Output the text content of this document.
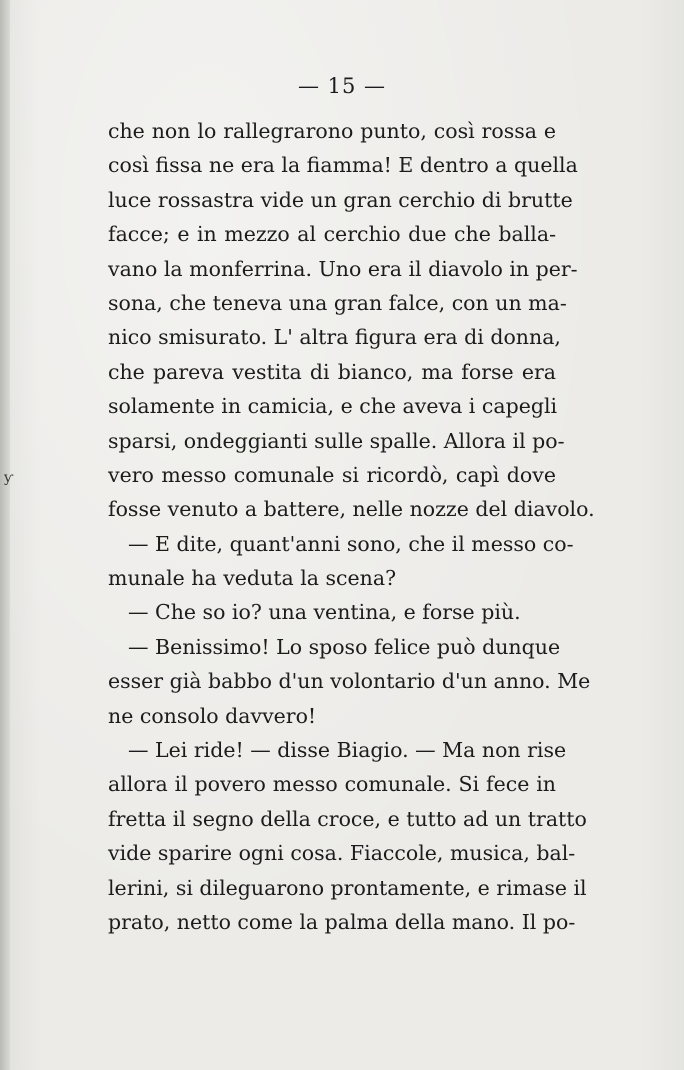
ƴ
— 15 —
che non lo rallegrarono punto, così rossa e
così fissa ne era la fiamma! E dentro a quella
luce rossastra vide un gran cerchio di brutte
facce; e in mezzo al cerchio due che balla-
vano la monferrina. Uno era il diavolo in per-
sona, che teneva una gran falce, con un ma-
nico smisurato. L' altra figura era di donna,
che pareva vestita di bianco, ma forse era
solamente in camicia, e che aveva i capegli
sparsi, ondeggianti sulle spalle. Allora il po-
vero messo comunale si ricordò, capì dove
fosse venuto a battere, nelle nozze del diavolo.
— E dite, quant'anni sono, che il messo co-
munale ha veduta la scena?
— Che so io? una ventina, e forse più.
— Benissimo! Lo sposo felice può dunque
esser già babbo d'un volontario d'un anno. Me
ne consolo davvero!
— Lei ride! — disse Biagio. — Ma non rise
allora il povero messo comunale. Si fece in
fretta il segno della croce, e tutto ad un tratto
vide sparire ogni cosa. Fiaccole, musica, bal-
lerini, si dileguarono prontamente, e rimase il
prato, netto come la palma della mano. Il po-
